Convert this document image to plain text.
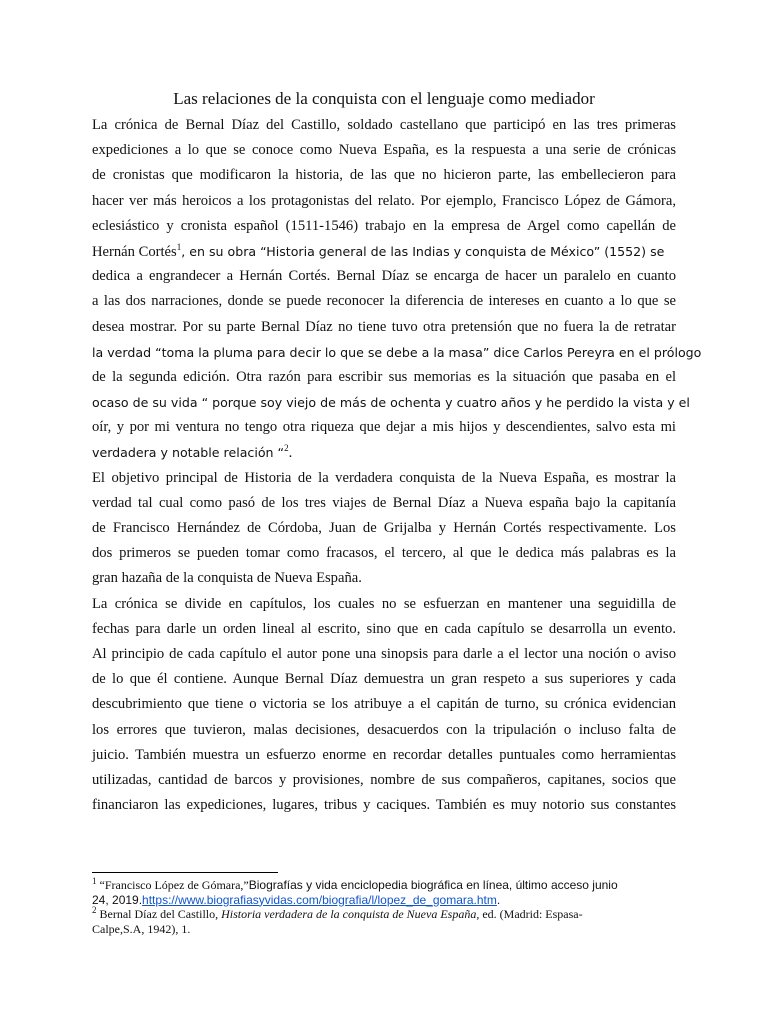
Las relaciones de la conquista con el lenguaje como mediador
La crónica de Bernal Díaz del Castillo, soldado castellano que participó en las tres primeras
expediciones a lo que se conoce como Nueva España, es la respuesta a una serie de crónicas
de cronistas que modificaron la historia, de las que no hicieron parte, las embellecieron para
hacer ver más heroicos a los protagonistas del relato. Por ejemplo, Francisco López de Gámora,
eclesiástico y cronista español (1511-1546) trabajo en la empresa de Argel como capellán de
Hernán Cortés$^1$, en su obra “Historia general de las Indias y conquista de México” (1552) se
dedica a engrandecer a Hernán Cortés. Bernal Díaz se encarga de hacer un paralelo en cuanto
a las dos narraciones, donde se puede reconocer la diferencia de intereses en cuanto a lo que se
desea mostrar. Por su parte Bernal Díaz no tiene tuvo otra pretensión que no fuera la de retratar
la verdad “toma la pluma para decir lo que se debe a la masa” dice Carlos Pereyra en el prólogo
de la segunda edición. Otra razón para escribir sus memorias es la situación que pasaba en el
ocaso de su vida “ porque soy viejo de más de ochenta y cuatro años y he perdido la vista y el
oír, y por mi ventura no tengo otra riqueza que dejar a mis hijos y descendientes, salvo esta mi
verdadera y notable relación “$^2$.
El objetivo principal de Historia de la verdadera conquista de la Nueva España, es mostrar la
verdad tal cual como pasó de los tres viajes de Bernal Díaz a Nueva españa bajo la capitanía
de Francisco Hernández de Córdoba, Juan de Grijalba y Hernán Cortés respectivamente. Los
dos primeros se pueden tomar como fracasos, el tercero, al que le dedica más palabras es la
gran hazaña de la conquista de Nueva España.
La crónica se divide en capítulos, los cuales no se esfuerzan en mantener una seguidilla de
fechas para darle un orden lineal al escrito, sino que en cada capítulo se desarrolla un evento.
Al principio de cada capítulo el autor pone una sinopsis para darle a el lector una noción o aviso
de lo que él contiene. Aunque Bernal Díaz demuestra un gran respeto a sus superiores y cada
descubrimiento que tiene o victoria se los atribuye a el capitán de turno, su crónica evidencian
los errores que tuvieron, malas decisiones, desacuerdos con la tripulación o incluso falta de
juicio. También muestra un esfuerzo enorme en recordar detalles puntuales como herramientas
utilizadas, cantidad de barcos y provisiones, nombre de sus compañeros, capitanes, socios que
financiaron las expediciones, lugares, tribus y caciques. También es muy notorio sus constantes
$^1$ “Francisco López de Gómara,”Biografías y vida enciclopedia biográfica en línea, último acceso junio
24, 2019.https://www.biografiasyvidas.com/biografia/l/lopez_de_gomara.htm.
$^2$ Bernal Díaz del Castillo, Historia verdadera de la conquista de Nueva España, ed. (Madrid: Espasa-
Calpe,S.A, 1942), 1.
